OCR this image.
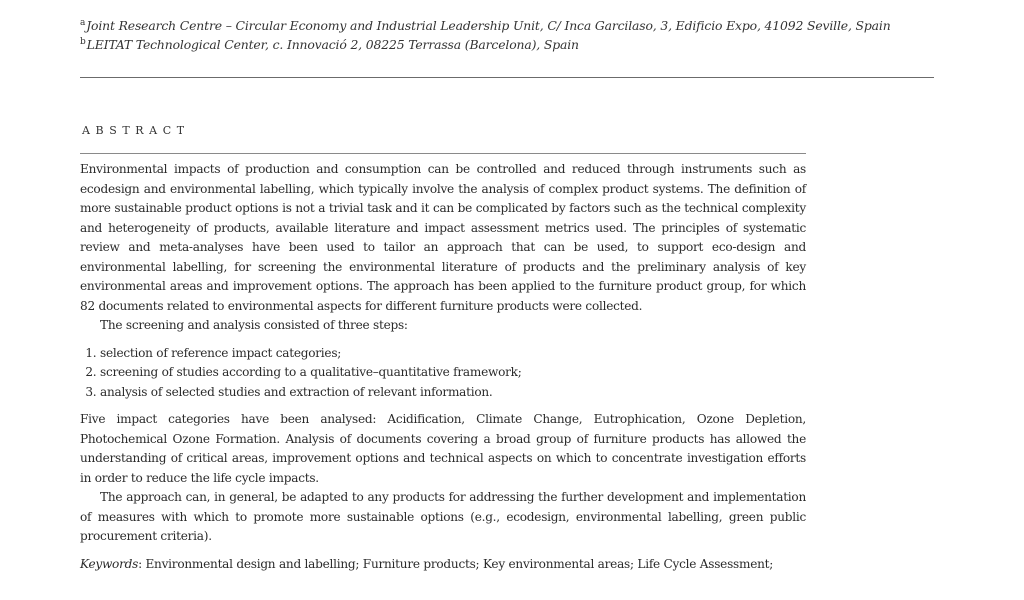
$^a$Joint Research Centre – Circular Economy and Industrial Leadership Unit, C/ Inca Garcilaso, 3, Edificio Expo, 41092 Seville, Spain
$^b$LEITAT Technological Center, c. Innovació 2, 08225 Terrassa (Barcelona), Spain
ABSTRACT

Environmental impacts of production and consumption can be controlled and reduced through instruments such as ecodesign and environmental labelling, which typically involve the analysis of complex product systems. The definition of more sustainable product options is not a trivial task and it can be complicated by factors such as the technical complexity and heterogeneity of products, available literature and impact assessment metrics used. The principles of systematic review and meta-analyses have been used to tailor an approach that can be used, to support eco-design and environmental labelling, for screening the environmental literature of products and the preliminary analysis of key environmental areas and improvement options. The approach has been applied to the furniture product group, for which 82 documents related to environmental aspects for different furniture products were collected.

The screening and analysis consisted of three steps:

1. selection of reference impact categories;
2. screening of studies according to a qualitative–quantitative framework;
3. analysis of selected studies and extraction of relevant information.

Five impact categories have been analysed: Acidification, Climate Change, Eutrophication, Ozone Depletion, Photochemical Ozone Formation. Analysis of documents covering a broad group of furniture products has allowed the understanding of critical areas, improvement options and technical aspects on which to concentrate investigation efforts in order to reduce the life cycle impacts.

The approach can, in general, be adapted to any products for addressing the further development and implementation of measures with which to promote more sustainable options (e.g., ecodesign, environmental labelling, green public procurement criteria).

Keywords: Environmental design and labelling; Furniture products; Key environmental areas; Life Cycle Assessment;
